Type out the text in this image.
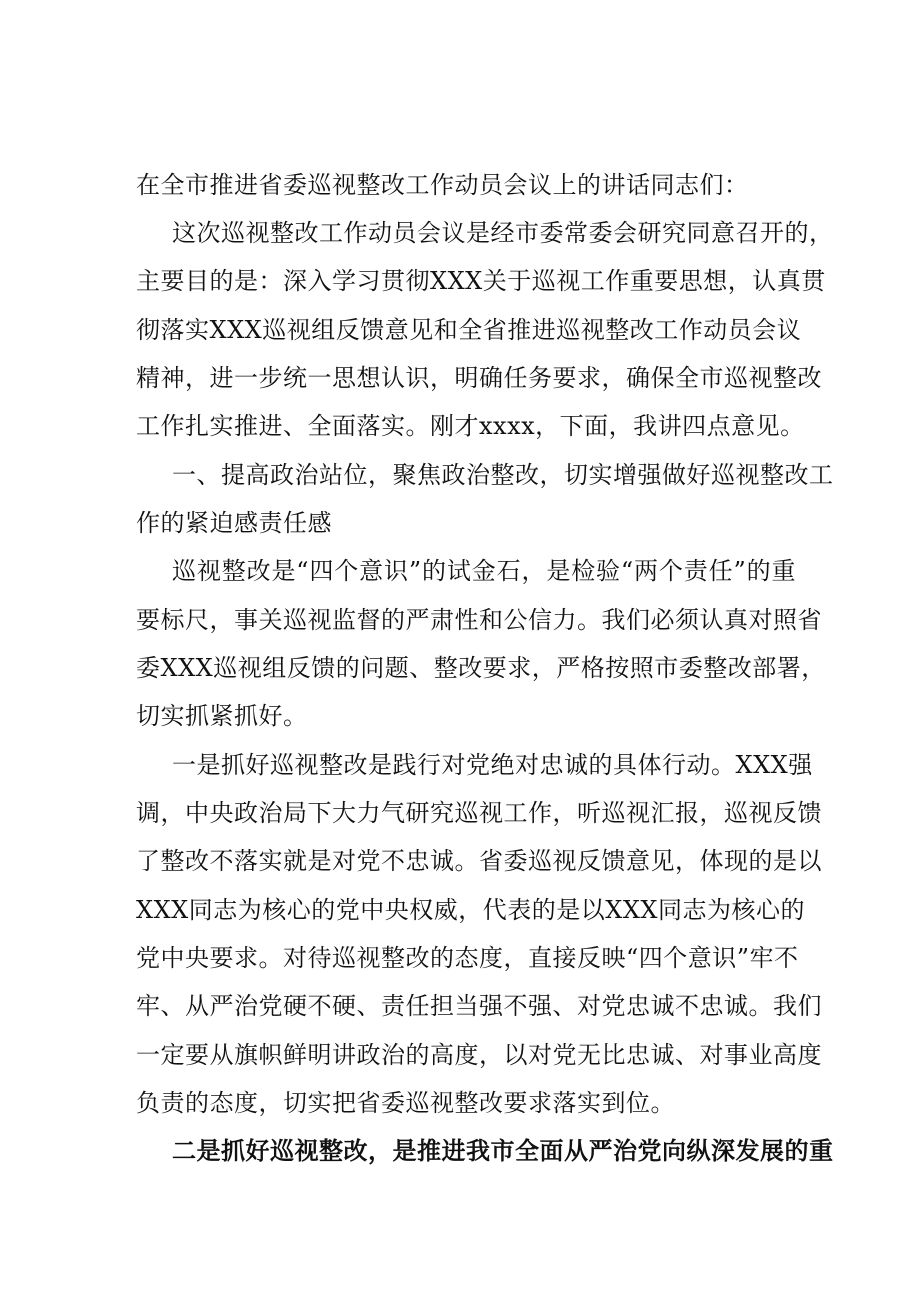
在全市推进省委巡视整改工作动员会议上的讲话同志们：
这次巡视整改工作动员会议是经市委常委会研究同意召开的，
主要目的是：深入学习贯彻XXX关于巡视工作重要思想，认真贯
彻落实XXX巡视组反馈意见和全省推进巡视整改工作动员会议
精神，进一步统一思想认识，明确任务要求，确保全市巡视整改
工作扎实推进、全面落实。刚才xxxx，下面，我讲四点意见。
一、提高政治站位，聚焦政治整改，切实增强做好巡视整改工
作的紧迫感责任感
巡视整改是“四个意识”的试金石，是检验“两个责任”的重
要标尺，事关巡视监督的严肃性和公信力。我们必须认真对照省
委XXX巡视组反馈的问题、整改要求，严格按照市委整改部署，
切实抓紧抓好。
一是抓好巡视整改是践行对党绝对忠诚的具体行动。XXX强
调，中央政治局下大力气研究巡视工作，听巡视汇报，巡视反馈
了整改不落实就是对党不忠诚。省委巡视反馈意见，体现的是以
XXX同志为核心的党中央权威，代表的是以XXX同志为核心的
党中央要求。对待巡视整改的态度，直接反映“四个意识”牢不
牢、从严治党硬不硬、责任担当强不强、对党忠诚不忠诚。我们
一定要从旗帜鲜明讲政治的高度，以对党无比忠诚、对事业高度
负责的态度，切实把省委巡视整改要求落实到位。
二是抓好巡视整改，是推进我市全面从严治党向纵深发展的重
